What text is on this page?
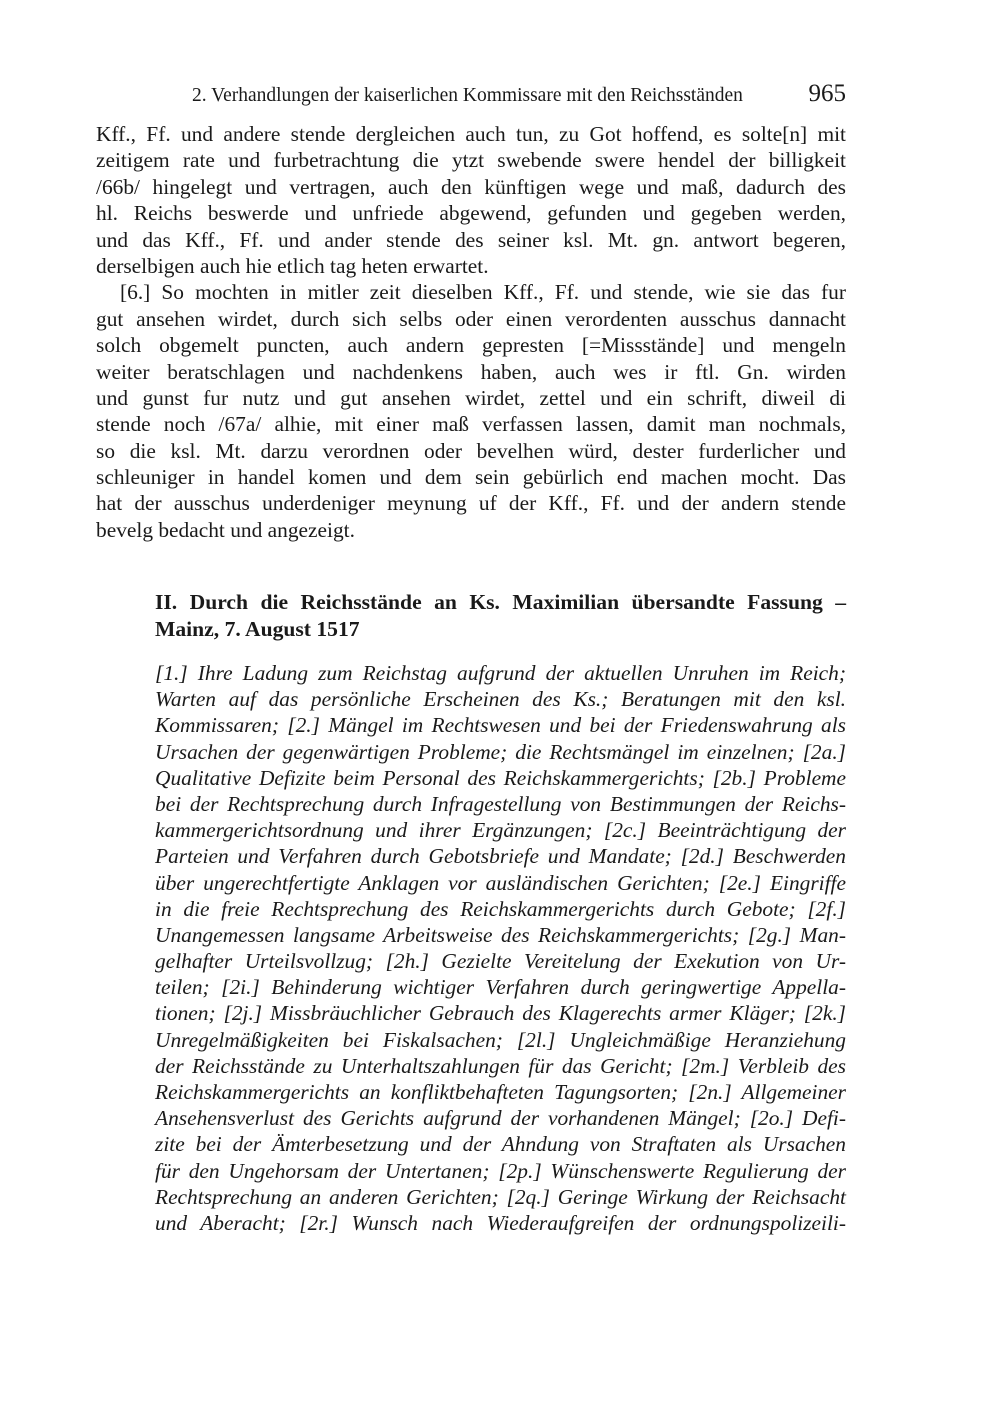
2. Verhandlungen der kaiserlichen Kommissare mit den Reichsständen	965
Kff., Ff. und andere stende dergleichen auch tun, zu Got hoffend, es solte[n] mit
zeitigem rate und furbetrachtung die ytzt swebende swere hendel der billigkeit
/66b/ hingelegt und vertragen, auch den künftigen wege und maß, dadurch des
hl. Reichs beswerde und unfriede abgewend, gefunden und gegeben werden,
und das Kff., Ff. und ander stende des seiner ksl. Mt. gn. antwort begeren,
derselbigen auch hie etlich tag heten erwartet.
[6.] So mochten in mitler zeit dieselben Kff., Ff. und stende, wie sie das fur
gut ansehen wirdet, durch sich selbs oder einen verordenten ausschus dannacht
solch obgemelt puncten, auch andern gepresten [=Missstände] und mengeln
weiter beratschlagen und nachdenkens haben, auch wes ir ftl. Gn. wirden
und gunst fur nutz und gut ansehen wirdet, zettel und ein schrift, diweil di
stende noch /67a/ alhie, mit einer maß verfassen lassen, damit man nochmals,
so die ksl. Mt. darzu verordnen oder bevelhen würd, dester furderlicher und
schleuniger in handel komen und dem sein gebürlich end machen mocht. Das
hat der ausschus underdeniger meynung uf der Kff., Ff. und der andern stende
bevelg bedacht und angezeigt.
II. Durch die Reichsstände an Ks. Maximilian übersandte Fassung –
Mainz, 7. August 1517
[1.] Ihre Ladung zum Reichstag aufgrund der aktuellen Unruhen im Reich;
Warten auf das persönliche Erscheinen des Ks.; Beratungen mit den ksl.
Kommissaren; [2.] Mängel im Rechtswesen und bei der Friedenswahrung als
Ursachen der gegenwärtigen Probleme; die Rechtsmängel im einzelnen; [2a.]
Qualitative Defizite beim Personal des Reichskammergerichts; [2b.] Probleme
bei der Rechtsprechung durch Infragestellung von Bestimmungen der Reichs-
kammergerichtsordnung und ihrer Ergänzungen; [2c.] Beeinträchtigung der
Parteien und Verfahren durch Gebotsbriefe und Mandate; [2d.] Beschwerden
über ungerechtfertigte Anklagen vor ausländischen Gerichten; [2e.] Eingriffe
in die freie Rechtsprechung des Reichskammergerichts durch Gebote; [2f.]
Unangemessen langsame Arbeitsweise des Reichskammergerichts; [2g.] Man-
gelhafter Urteilsvollzug; [2h.] Gezielte Vereitelung der Exekution von Ur-
teilen; [2i.] Behinderung wichtiger Verfahren durch geringwertige Appella-
tionen; [2j.] Missbräuchlicher Gebrauch des Klagerechts armer Kläger; [2k.]
Unregelmäßigkeiten bei Fiskalsachen; [2l.] Ungleichmäßige Heranziehung
der Reichsstände zu Unterhaltszahlungen für das Gericht; [2m.] Verbleib des
Reichskammergerichts an konfliktbehafteten Tagungsorten; [2n.] Allgemeiner
Ansehensverlust des Gerichts aufgrund der vorhandenen Mängel; [2o.] Defi-
zite bei der Ämterbesetzung und der Ahndung von Straftaten als Ursachen
für den Ungehorsam der Untertanen; [2p.] Wünschenswerte Regulierung der
Rechtsprechung an anderen Gerichten; [2q.] Geringe Wirkung der Reichsacht
und Aberacht; [2r.] Wunsch nach Wiederaufgreifen der ordnungspolizeili-
